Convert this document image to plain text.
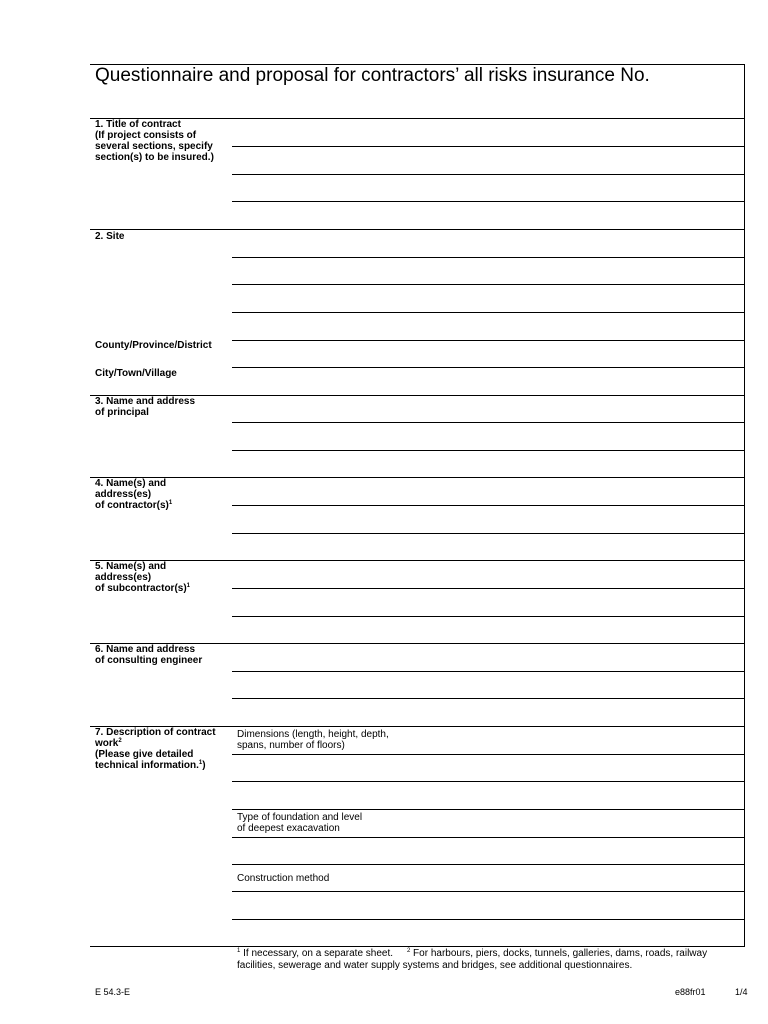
Questionnaire and proposal for contractors’ all risks insurance No.
1. Title of contract
(If project consists of
several sections, specify
section(s) to be insured.)
2. Site
County/Province/District
City/Town/Village
3. Name and address
of principal
4. Name(s) and
address(es)
of $contractor(s)^1$
5. Name(s) and
address(es)
of $subcontractor(s)^1$
6. Name and address
of consulting engineer
7. Description of contract
work$^2$
(Please give detailed
technical information.$^1$)
Dimensions (length, height, depth,
spans, number of floors)
Type of foundation and level
of deepest exacavation
Construction method
$^1$ If necessary, on a separate sheet. $^2$ For harbours, piers, docks, tunnels, galleries, dams, roads, railway facilities, sewerage and water supply systems and bridges, see additional questionnaires.
E 54.3-E	e88fr01	1/4
